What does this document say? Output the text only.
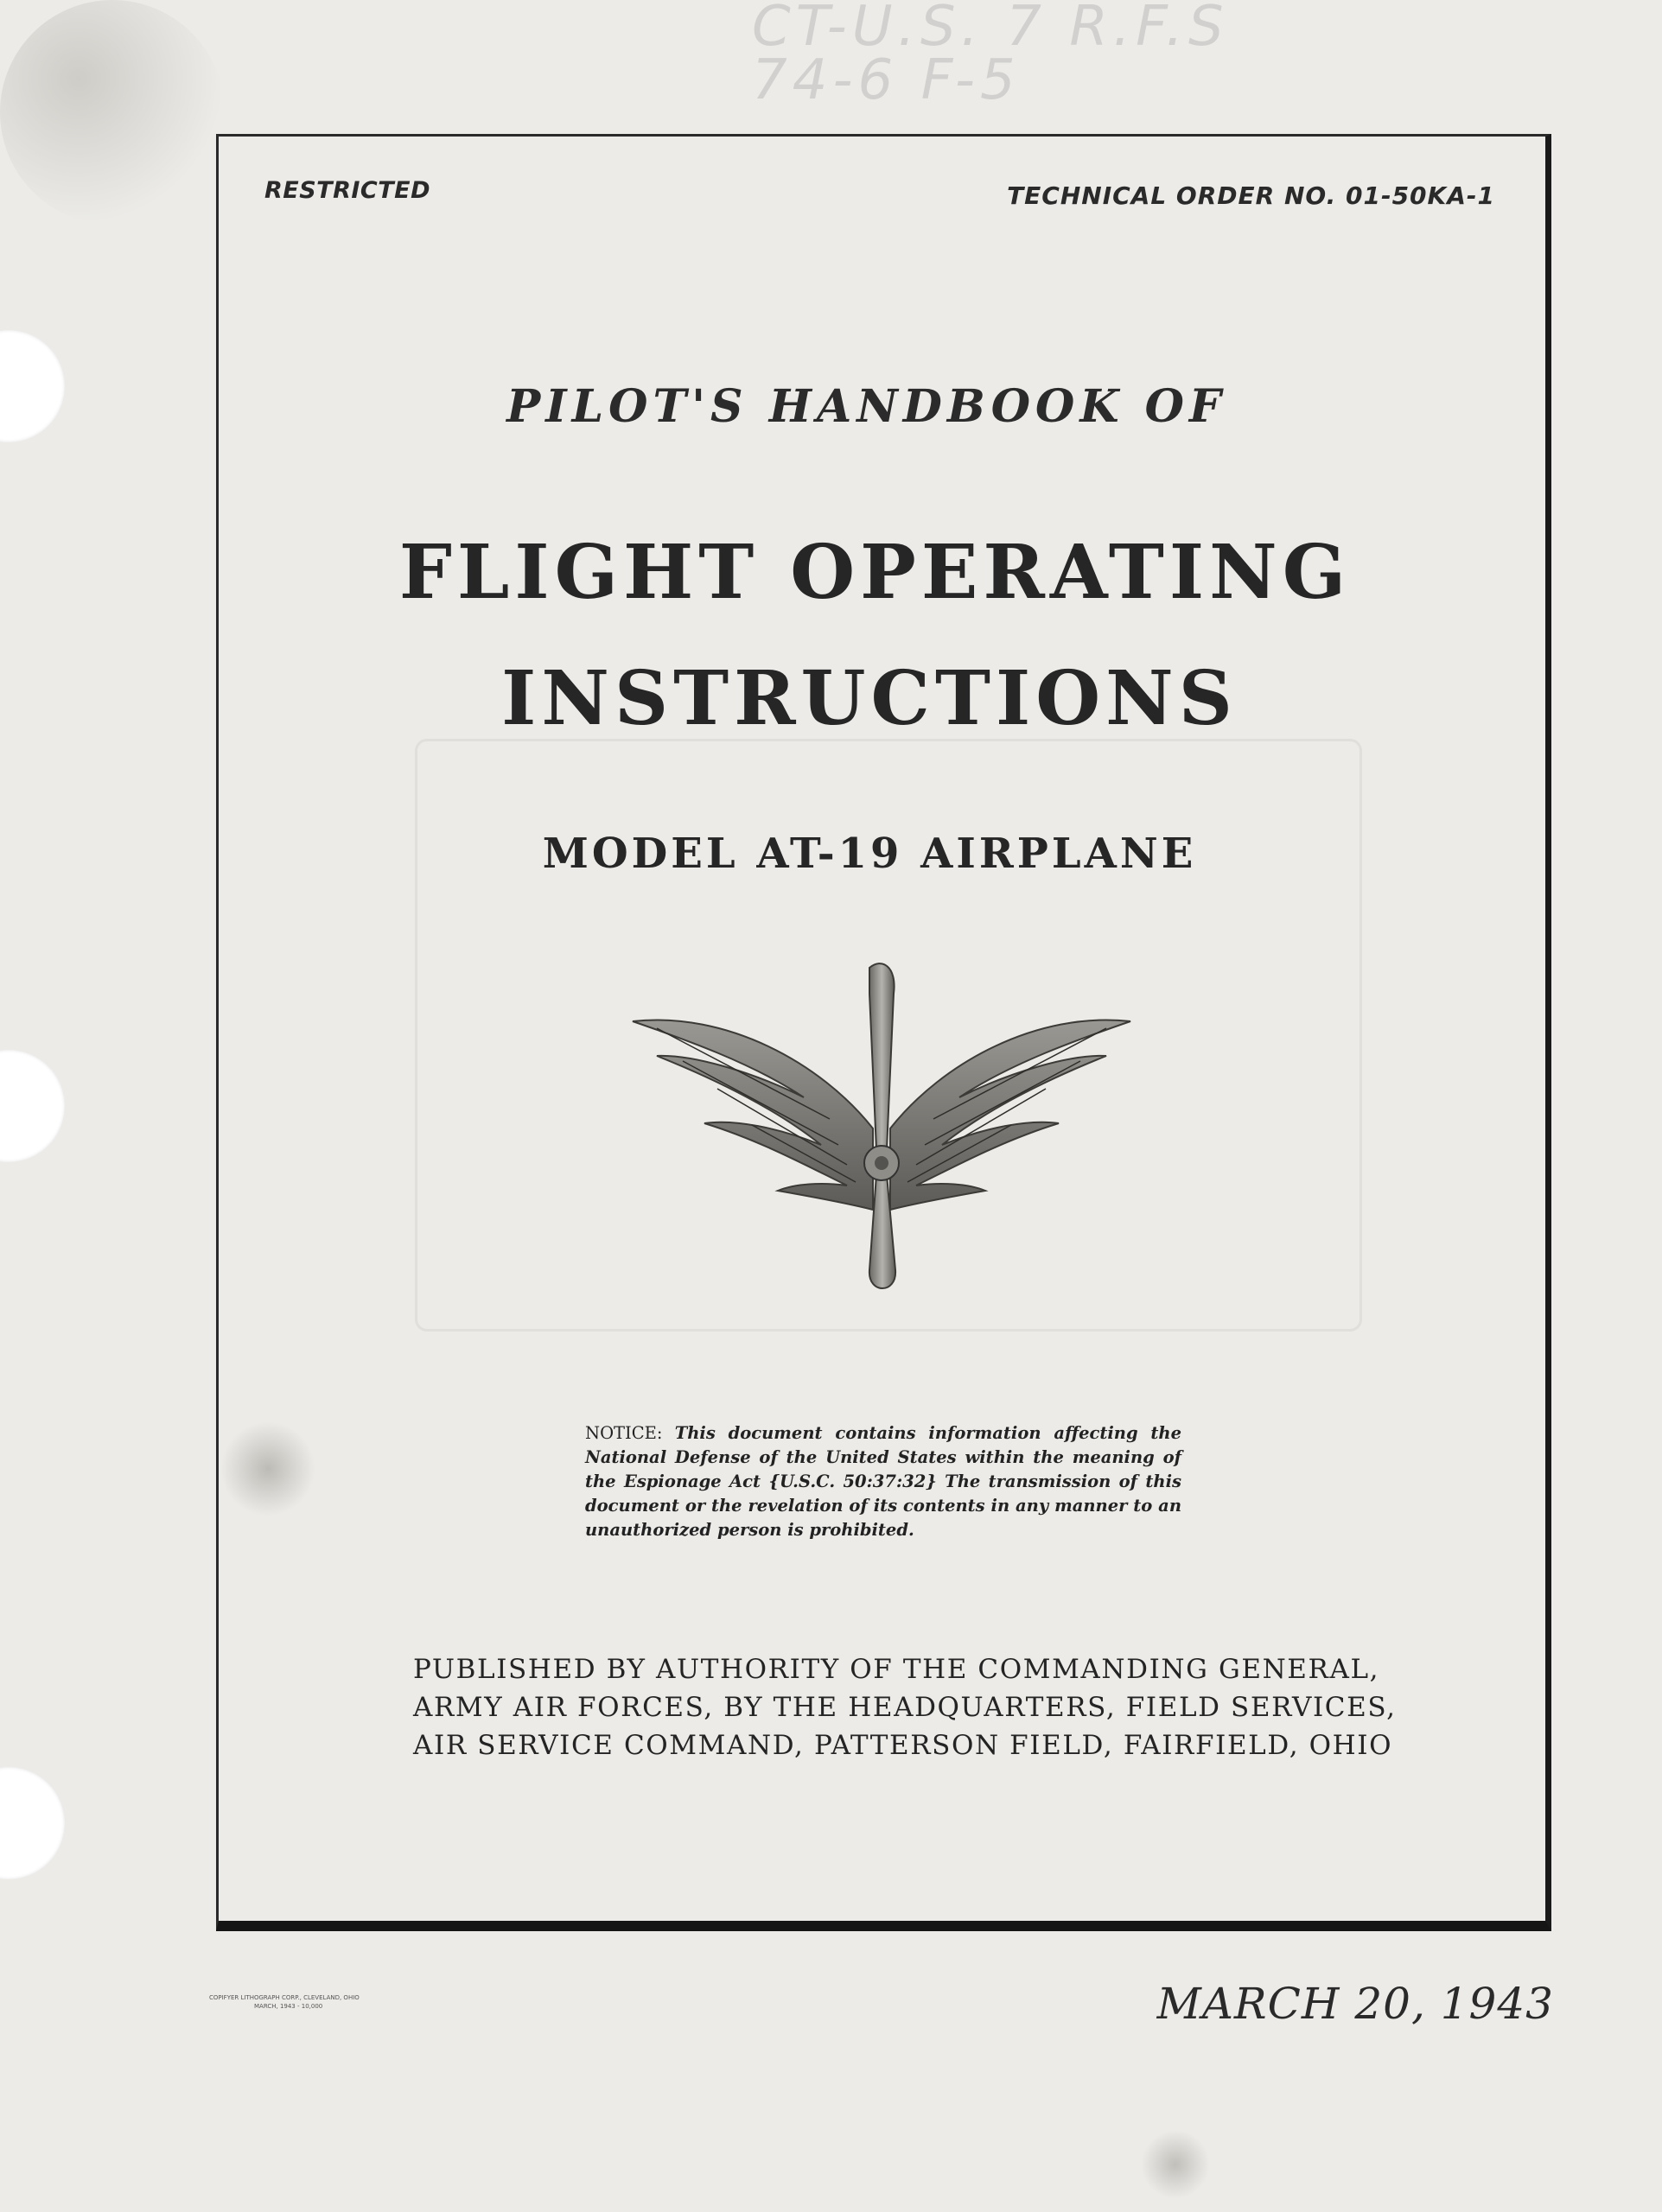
CT-U.S. 7 R.F.S
74-6 F-5
RESTRICTED	TECHNICAL ORDER NO. 01-50KA-1
PILOT'S HANDBOOK OF
FLIGHT OPERATING
INSTRUCTIONS
MODEL AT-19 AIRPLANE
NOTICE: This document contains information affecting the National Defense of the United States within the meaning of the Espionage Act {U.S.C. 50:37:32} The transmission of this document or the revelation of its contents in any manner to an unauthorized person is prohibited.
PUBLISHED BY AUTHORITY OF THE COMMANDING GENERAL,
ARMY AIR FORCES, BY THE HEADQUARTERS, FIELD SERVICES,
AIR SERVICE COMMAND, PATTERSON FIELD, FAIRFIELD, OHIO
COPIFYER LITHOGRAPH CORP., CLEVELAND, OHIO
MARCH, 1943 - 10,000	MARCH 20, 1943
